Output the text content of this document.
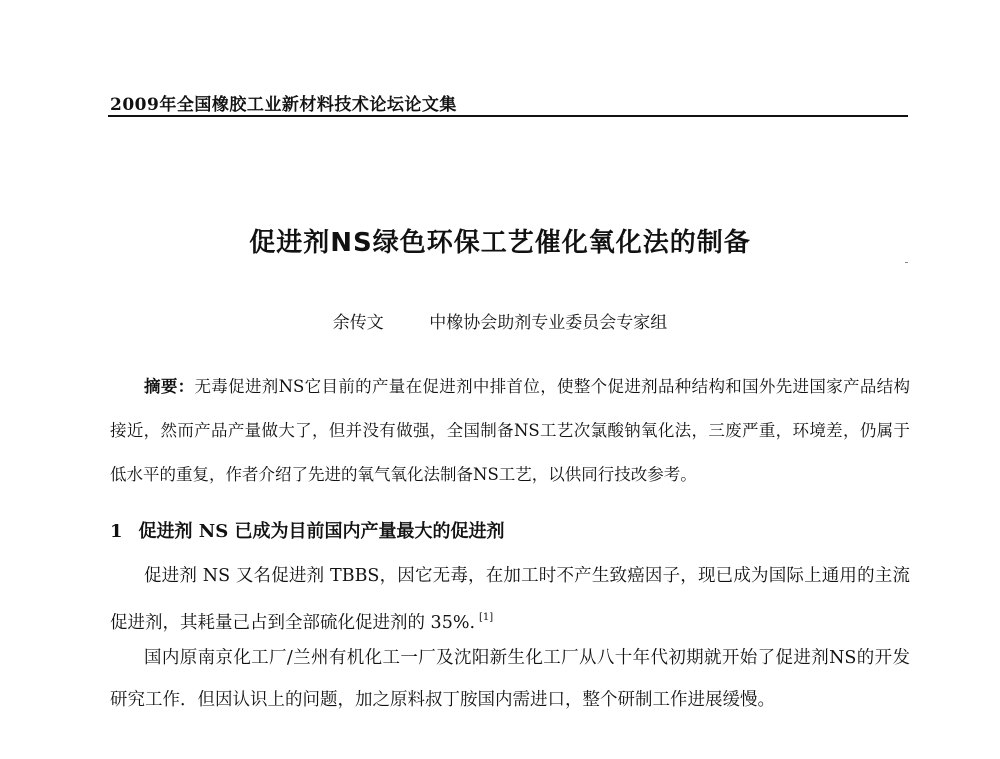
2009年全国橡胶工业新材料技术论坛论文集
促进剂NS绿色环保工艺催化氧化法的制备
余传文	中橡协会助剂专业委员会专家组
摘要：无毒促进剂NS它目前的产量在促进剂中排首位，使整个促进剂品种结构和国外先进国家产品结构接近，然而产品产量做大了，但并没有做强，全国制备NS工艺次氯酸钠氧化法，三废严重，环境差，仍属于低水平的重复，作者介绍了先进的氧气氧化法制备NS工艺，以供同行技改参考。
1 促进剂 NS 已成为目前国内产量最大的促进剂
促进剂 NS 又名促进剂 TBBS，因它无毒，在加工时不产生致癌因子，现已成为国际上通用的主流促进剂，其耗量己占到全部硫化促进剂的 35%. [1]
国内原南京化工厂/兰州有机化工一厂及沈阳新生化工厂从八十年代初期就开始了促进剂NS的开发研究工作．但因认识上的问题，加之原料叔丁胺国内需进口，整个研制工作进展缓慢。
